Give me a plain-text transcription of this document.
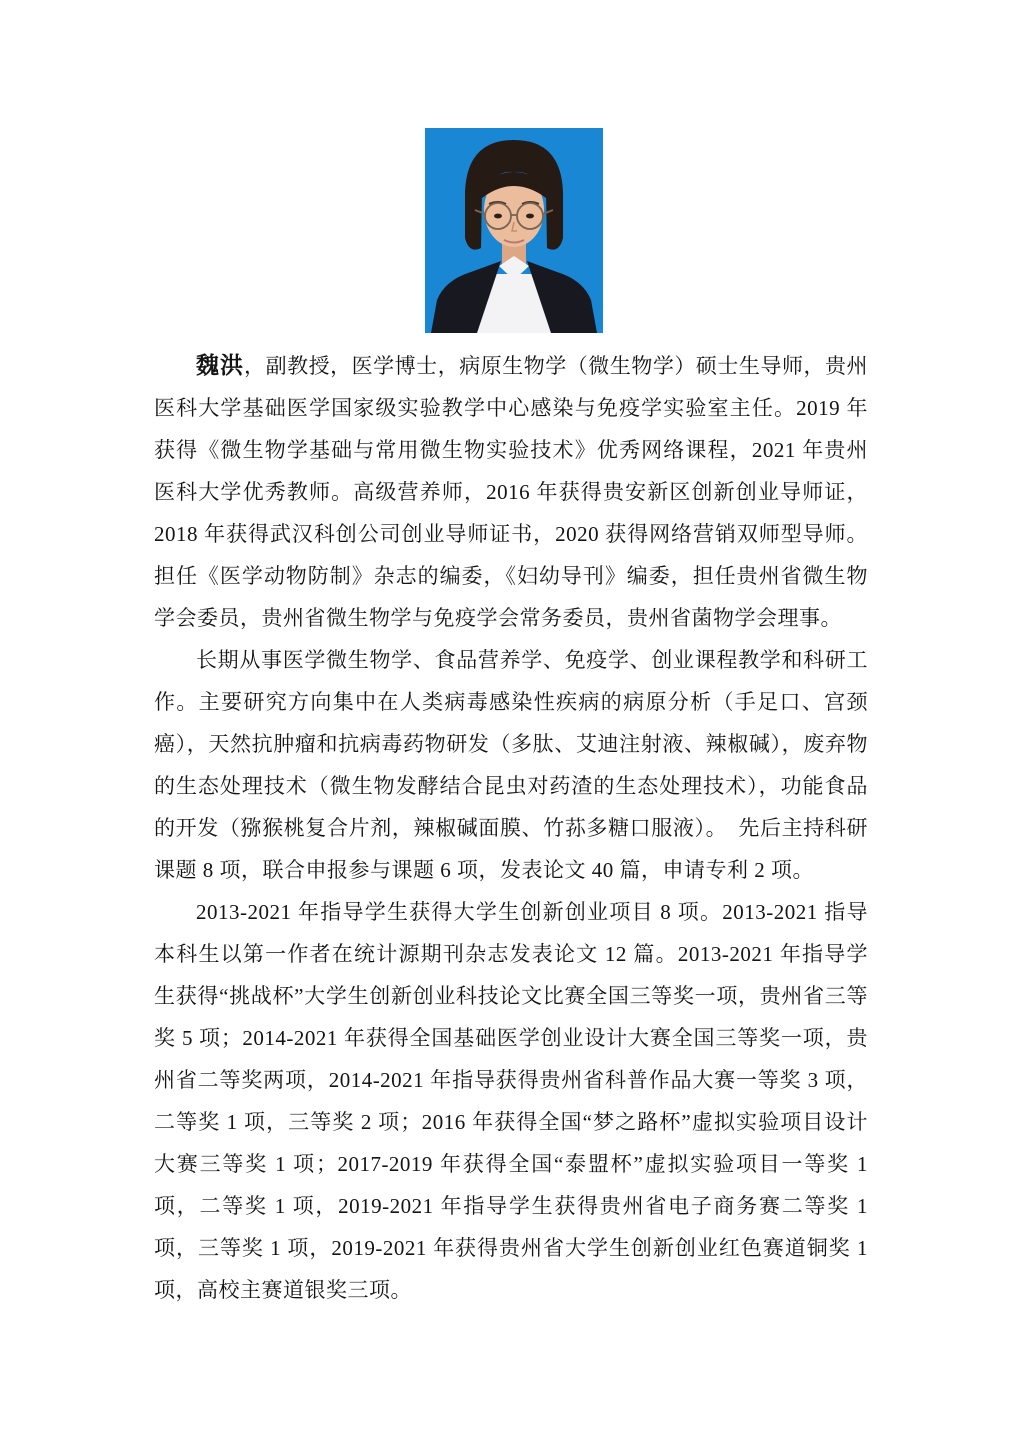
魏洪，副教授，医学博士，病原生物学（微生物学）硕士生导师，贵州医科大学基础医学国家级实验教学中心感染与免疫学实验室主任。2019 年获得《微生物学基础与常用微生物实验技术》优秀网络课程，2021 年贵州医科大学优秀教师。高级营养师，2016 年获得贵安新区创新创业导师证，2018 年获得武汉科创公司创业导师证书，2020 获得网络营销双师型导师。担任《医学动物防制》杂志的编委，《妇幼导刊》编委，担任贵州省微生物学会委员，贵州省微生物学与免疫学会常务委员，贵州省菌物学会理事。

长期从事医学微生物学、食品营养学、免疫学、创业课程教学和科研工作。主要研究方向集中在人类病毒感染性疾病的病原分析（手足口、宫颈癌），天然抗肿瘤和抗病毒药物研发（多肽、艾迪注射液、辣椒碱），废弃物的生态处理技术（微生物发酵结合昆虫对药渣的生态处理技术），功能食品的开发（猕猴桃复合片剂，辣椒碱面膜、竹荪多糖口服液）。　先后主持科研课题 8 项，联合申报参与课题 6 项，发表论文 40 篇，申请专利 2 项。

2013-2021 年指导学生获得大学生创新创业项目 8 项。2013-2021 指导本科生以第一作者在统计源期刊杂志发表论文 12 篇。2013-2021 年指导学生获得“挑战杯”大学生创新创业科技论文比赛全国三等奖一项，贵州省三等奖 5 项；2014-2021 年获得全国基础医学创业设计大赛全国三等奖一项，贵州省二等奖两项，2014-2021 年指导获得贵州省科普作品大赛一等奖 3 项，二等奖 1 项，三等奖 2 项；2016 年获得全国“梦之路杯”虚拟实验项目设计大赛三等奖 1 项；2017-2019 年获得全国“泰盟杯”虚拟实验项目一等奖 1 项，二等奖 1 项，2019-2021 年指导学生获得贵州省电子商务赛二等奖 1 项，三等奖 1 项，2019-2021 年获得贵州省大学生创新创业红色赛道铜奖 1 项，高校主赛道银奖三项。
